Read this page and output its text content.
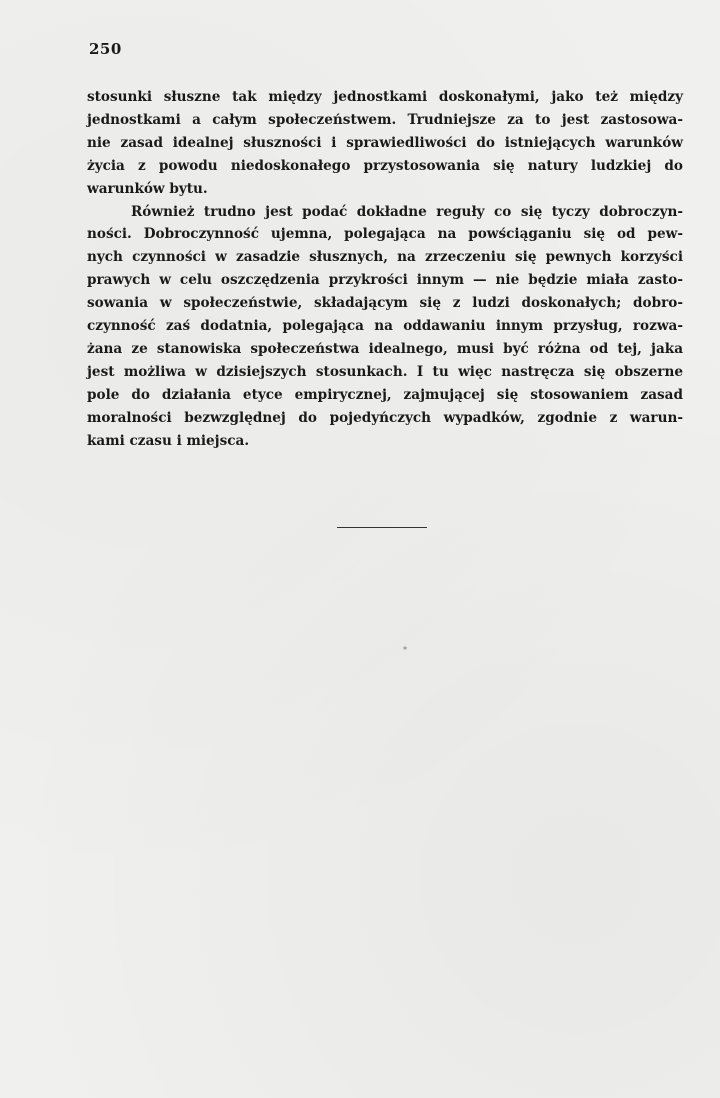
250
stosunki słuszne tak między jednostkami doskonałymi, jako też między
jednostkami a całym społeczeństwem. Trudniejsze za to jest zastosowa-
nie zasad idealnej słuszności i sprawiedliwości do istniejących warunków
życia z powodu niedoskonałego przystosowania się natury ludzkiej do
warunków bytu.
Również trudno jest podać dokładne reguły co się tyczy dobroczyn-
ności. Dobroczynność ujemna, polegająca na powściąganiu się od pew-
nych czynności w zasadzie słusznych, na zrzeczeniu się pewnych korzyści
prawych w celu oszczędzenia przykrości innym — nie będzie miała zasto-
sowania w społeczeństwie, składającym się z ludzi doskonałych; dobro-
czynność zaś dodatnia, polegająca na oddawaniu innym przysług, rozwa-
żana ze stanowiska społeczeństwa idealnego, musi być różna od tej, jaka
jest możliwa w dzisiejszych stosunkach. I tu więc nastręcza się obszerne
pole do działania etyce empirycznej, zajmującej się stosowaniem zasad
moralności bezwzględnej do pojedyńczych wypadków, zgodnie z warun-
kami czasu i miejsca.
⁎
